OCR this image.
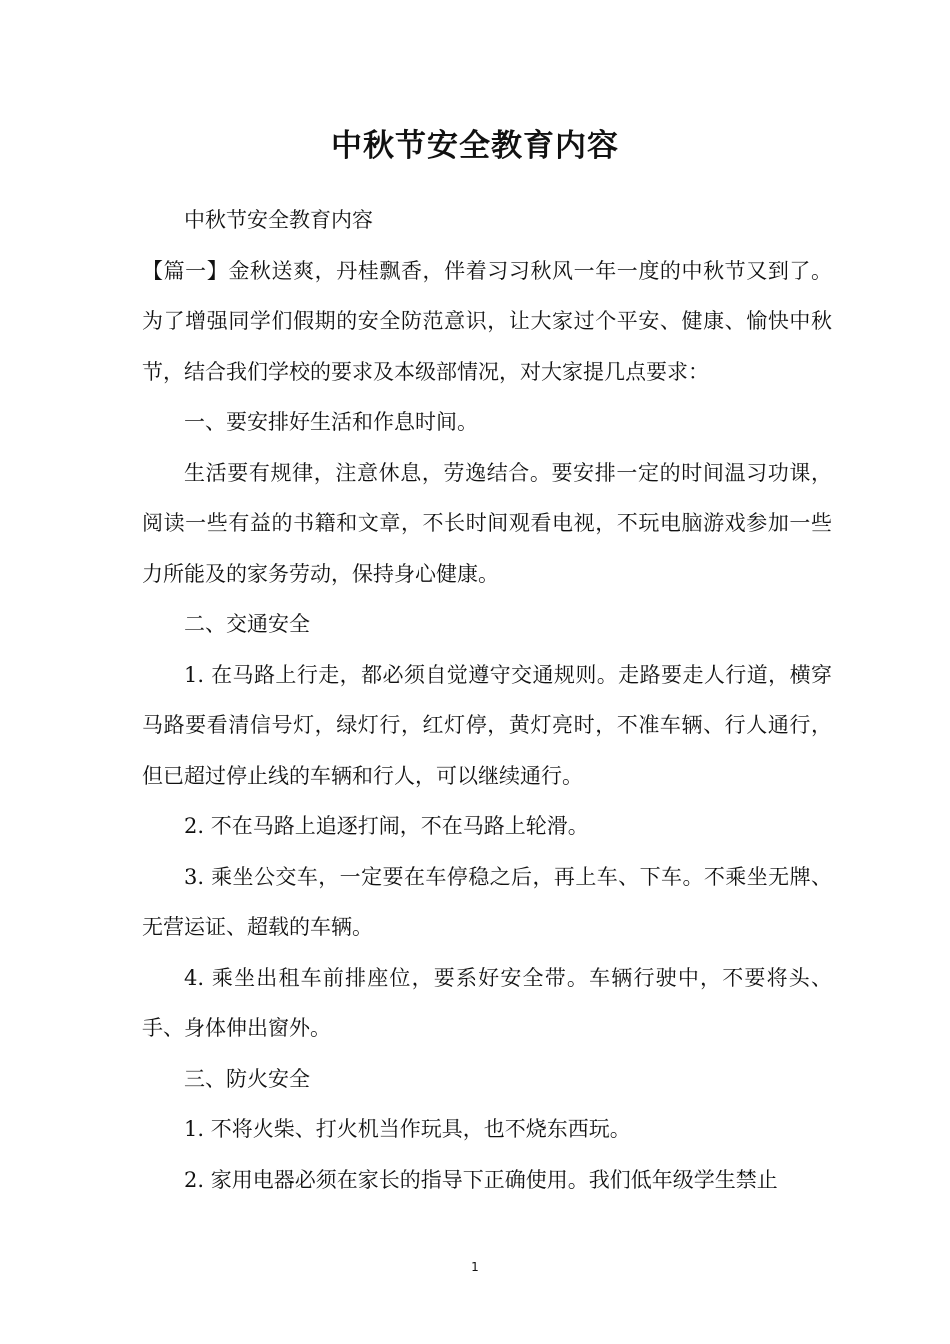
中秋节安全教育内容

中秋节安全教育内容

【篇一】金秋送爽，丹桂飘香，伴着习习秋风一年一度的中秋节又到了。为了增强同学们假期的安全防范意识，让大家过个平安、健康、愉快中秋节，结合我们学校的要求及本级部情况，对大家提几点要求：

一、要安排好生活和作息时间。

生活要有规律，注意休息，劳逸结合。要安排一定的时间温习功课，阅读一些有益的书籍和文章，不长时间观看电视，不玩电脑游戏参加一些力所能及的家务劳动，保持身心健康。

二、交通安全

1. 在马路上行走，都必须自觉遵守交通规则。走路要走人行道，横穿马路要看清信号灯，绿灯行，红灯停，黄灯亮时，不准车辆、行人通行，但已超过停止线的车辆和行人，可以继续通行。

2. 不在马路上追逐打闹，不在马路上轮滑。

3. 乘坐公交车，一定要在车停稳之后，再上车、下车。不乘坐无牌、无营运证、超载的车辆。

4. 乘坐出租车前排座位，要系好安全带。车辆行驶中，不要将头、手、身体伸出窗外。

三、防火安全

1. 不将火柴、打火机当作玩具，也不烧东西玩。

2. 家用电器必须在家长的指导下正确使用。我们低年级学生禁止

1
